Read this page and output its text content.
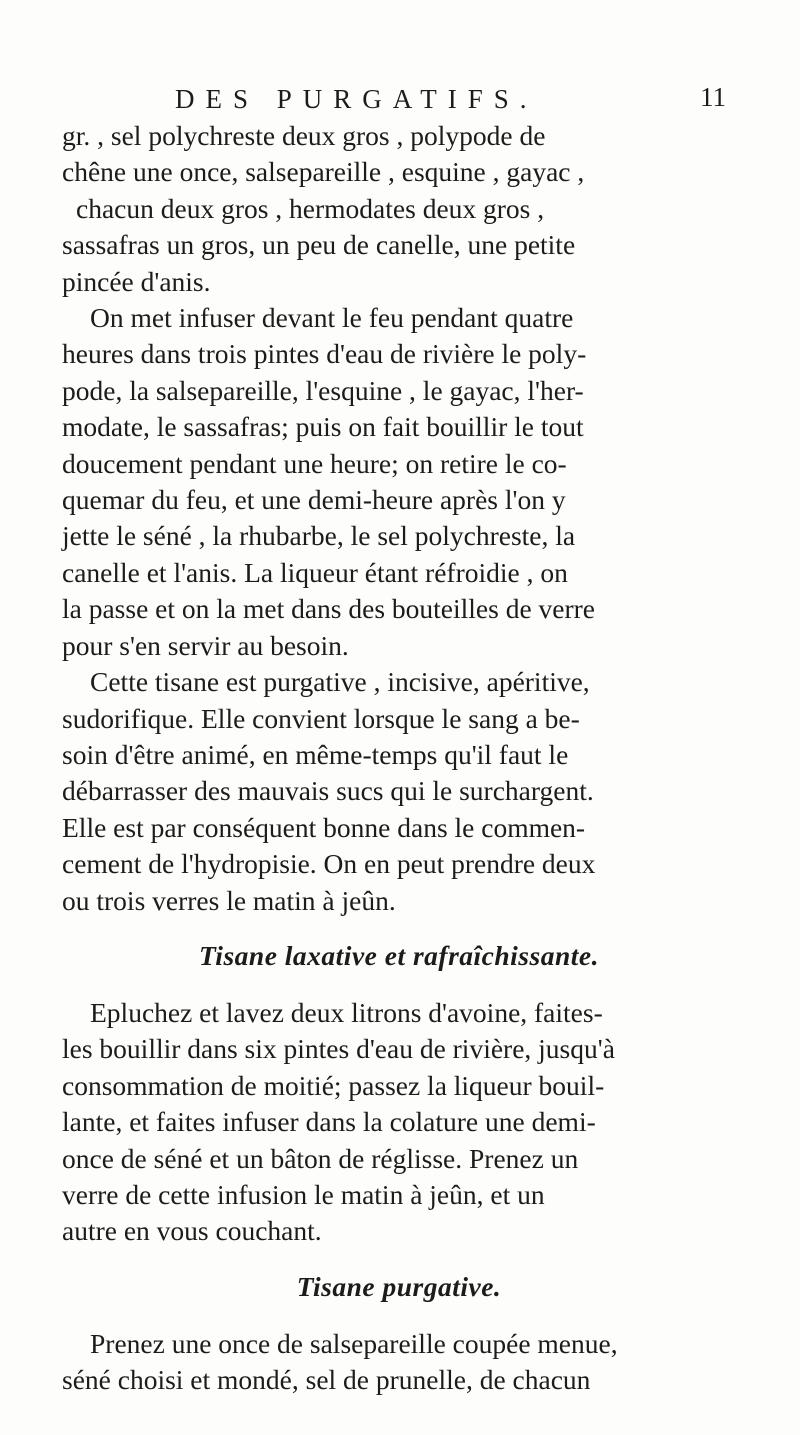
DES PURGATIFS.	11

gr. , sel polychreste deux gros , polypode de
chêne une once, salsepareille , esquine , gayac ,
chacun deux gros , hermodates deux gros ,
sassafras un gros, un peu de canelle, une petite
pincée d'anis.

On met infuser devant le feu pendant quatre
heures dans trois pintes d'eau de rivière le poly-
pode, la salsepareille, l'esquine , le gayac, l'her-
modate, le sassafras; puis on fait bouillir le tout
doucement pendant une heure; on retire le co-
quemar du feu, et une demi-heure après l'on y
jette le séné , la rhubarbe, le sel polychreste, la
canelle et l'anis. La liqueur étant réfroidie , on
la passe et on la met dans des bouteilles de verre
pour s'en servir au besoin.

Cette tisane est purgative , incisive, apéritive,
sudorifique. Elle convient lorsque le sang a be-
soin d'être animé, en même-temps qu'il faut le
débarrasser des mauvais sucs qui le surchargent.
Elle est par conséquent bonne dans le commen-
cement de l'hydropisie. On en peut prendre deux
ou trois verres le matin à jeûn.

Tisane laxative et rafraîchissante.

Epluchez et lavez deux litrons d'avoine, faites-
les bouillir dans six pintes d'eau de rivière, jusqu'à
consommation de moitié; passez la liqueur bouil-
lante, et faites infuser dans la colature une demi-
once de séné et un bâton de réglisse. Prenez un
verre de cette infusion le matin à jeûn, et un
autre en vous couchant.

Tisane purgative.

Prenez une once de salsepareille coupée menue,
séné choisi et mondé, sel de prunelle, de chacun
